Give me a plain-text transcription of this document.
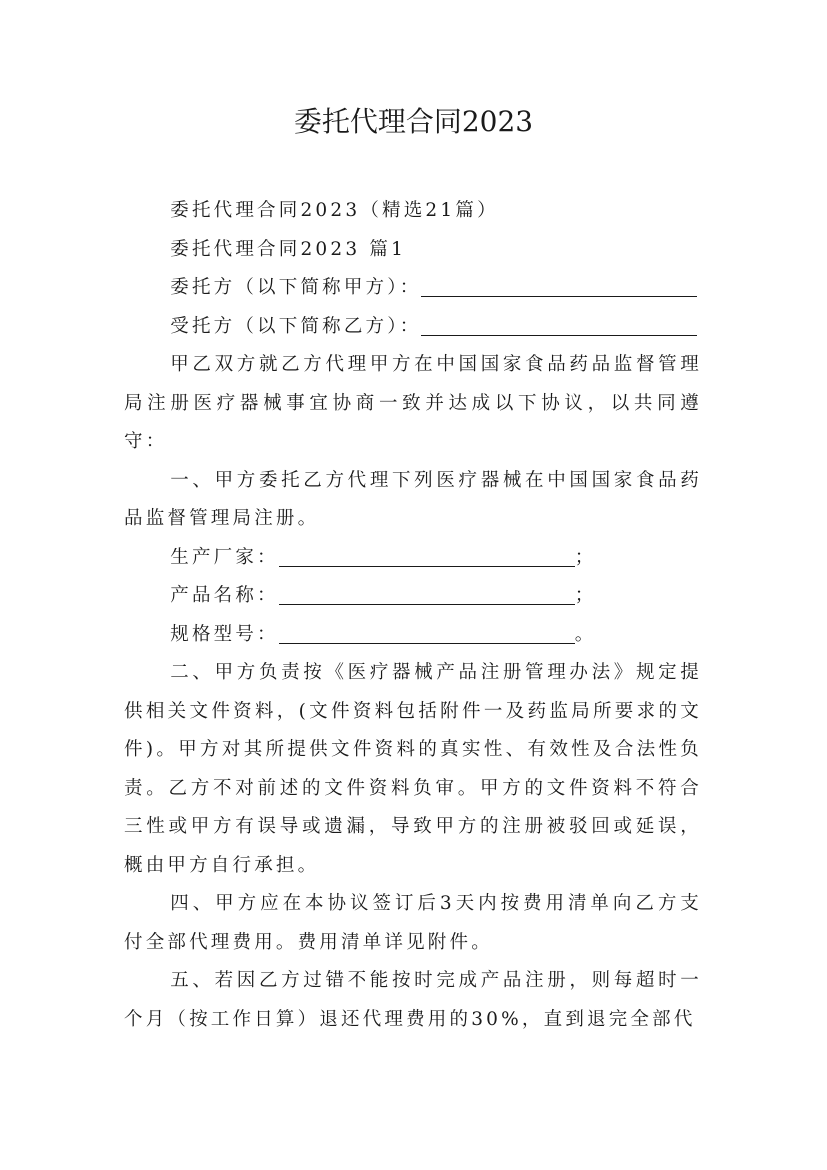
委托代理合同2023

委托代理合同2023（精选21篇）

委托代理合同2023 篇1

委托方（以下简称甲方）：

受托方（以下简称乙方）：

甲乙双方就乙方代理甲方在中国国家食品药品监督管理局注册医疗器械事宜协商一致并达成以下协议，以共同遵守：

一、甲方委托乙方代理下列医疗器械在中国国家食品药品监督管理局注册。

生产厂家：	；

产品名称：	；

规格型号：	。

二、甲方负责按《医疗器械产品注册管理办法》规定提供相关文件资料，(文件资料包括附件一及药监局所要求的文件)。甲方对其所提供文件资料的真实性、有效性及合法性负责。乙方不对前述的文件资料负审。甲方的文件资料不符合三性或甲方有误导或遗漏，导致甲方的注册被驳回或延误，概由甲方自行承担。

四、甲方应在本协议签订后3天内按费用清单向乙方支付全部代理费用。费用清单详见附件。

五、若因乙方过错不能按时完成产品注册，则每超时一个月（按工作日算）退还代理费用的30%，直到退完全部代
